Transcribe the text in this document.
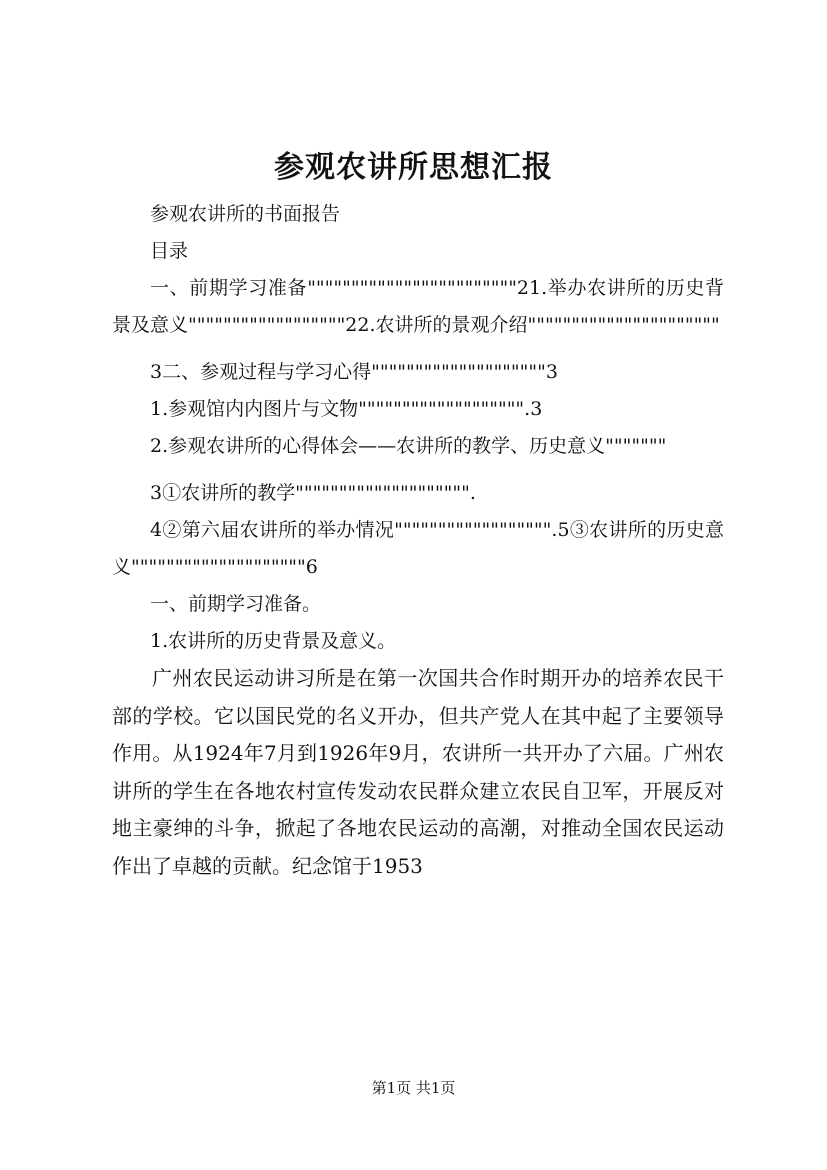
参观农讲所思想汇报

参观农讲所的书面报告

目录

一、前期学习准备""""""""""""""""""""""""21.举办农讲所的历史背景及意义""""""""""""""""""22.农讲所的景观介绍""""""""""""""""""""""

3二、参观过程与学习心得""""""""""""""""""""3

1.参观馆内内图片与文物""""""""""""""""""".3

2.参观农讲所的心得体会——农讲所的教学、历史意义"""""""

3①农讲所的教学"""""""""""""""""""".

4②第六届农讲所的举办情况"""""""""""""""""".5③农讲所的历史意义""""""""""""""""""""6

一、前期学习准备。

1.农讲所的历史背景及意义。

广州农民运动讲习所是在第一次国共合作时期开办的培养农民干部的学校。它以国民党的名义开办，但共产党人在其中起了主要领导作用。从1924年7月到1926年9月，农讲所一共开办了六届。广州农讲所的学生在各地农村宣传发动农民群众建立农民自卫军，开展反对地主豪绅的斗争，掀起了各地农民运动的高潮，对推动全国农民运动作出了卓越的贡献。纪念馆于1953

第1页 共1页
